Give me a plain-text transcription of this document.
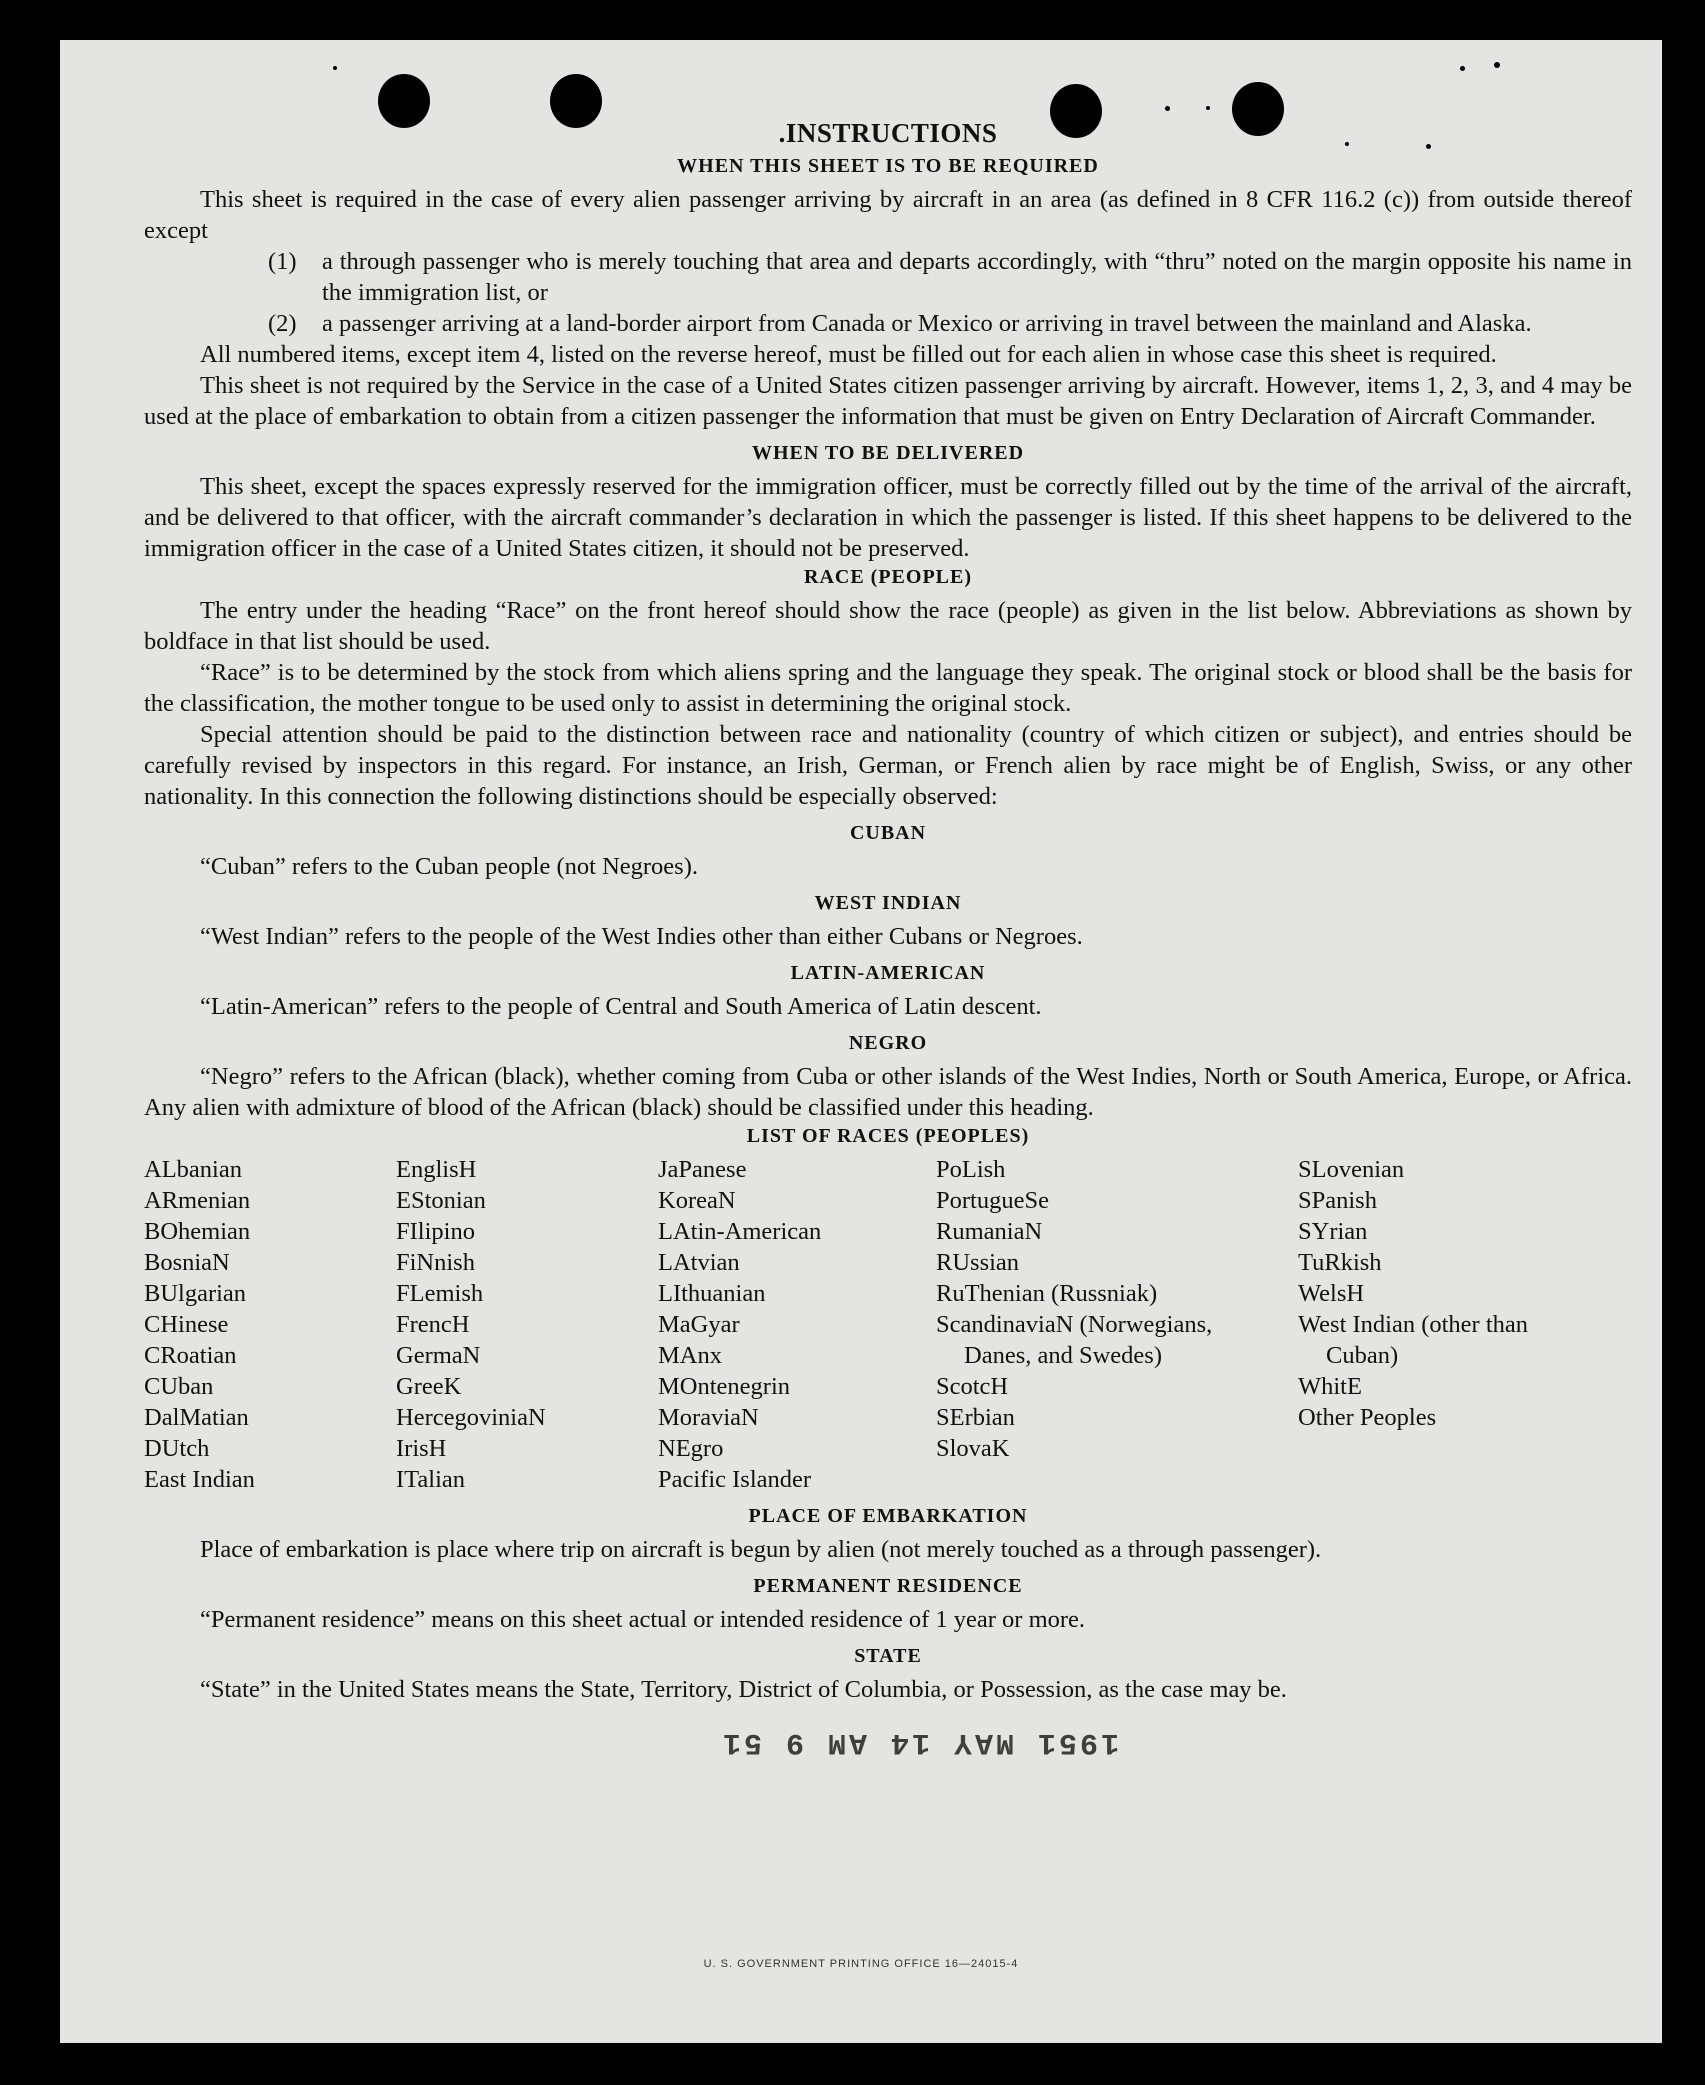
.INSTRUCTIONS
WHEN THIS SHEET IS TO BE REQUIRED

This sheet is required in the case of every alien passenger arriving by aircraft in an area (as defined in 8 CFR 116.2 (c)) from outside thereof except

(1)	a through passenger who is merely touching that area and departs accordingly, with “thru” noted on the margin opposite his name in the immigration list, or
(2)	a passenger arriving at a land-border airport from Canada or Mexico or arriving in travel between the mainland and Alaska.

All numbered items, except item 4, listed on the reverse hereof, must be filled out for each alien in whose case this sheet is required.

This sheet is not required by the Service in the case of a United States citizen passenger arriving by aircraft. However, items 1, 2, 3, and 4 may be used at the place of embarkation to obtain from a citizen passenger the information that must be given on Entry Declaration of Aircraft Commander.

WHEN TO BE DELIVERED

This sheet, except the spaces expressly reserved for the immigration officer, must be correctly filled out by the time of the arrival of the aircraft, and be delivered to that officer, with the aircraft commander’s declaration in which the passenger is listed. If this sheet happens to be delivered to the immigration officer in the case of a United States citizen, it should not be preserved.

RACE (PEOPLE)

The entry under the heading “Race” on the front hereof should show the race (people) as given in the list below. Abbreviations as shown by boldface in that list should be used.

“Race” is to be determined by the stock from which aliens spring and the language they speak. The original stock or blood shall be the basis for the classification, the mother tongue to be used only to assist in determining the original stock.

Special attention should be paid to the distinction between race and nationality (country of which citizen or subject), and entries should be carefully revised by inspectors in this regard. For instance, an Irish, German, or French alien by race might be of English, Swiss, or any other nationality. In this connection the following distinctions should be especially observed:

CUBAN

“Cuban” refers to the Cuban people (not Negroes).

WEST INDIAN

“West Indian” refers to the people of the West Indies other than either Cubans or Negroes.

LATIN-AMERICAN

“Latin-American” refers to the people of Central and South America of Latin descent.

NEGRO

“Negro” refers to the African (black), whether coming from Cuba or other islands of the West Indies, North or South America, Europe, or Africa. Any alien with admixture of blood of the African (black) should be classified under this heading.

LIST OF RACES (PEOPLES)
ALbanian
ARmenian
BOhemian
BosniaN
BUlgarian
CHinese
CRoatian
CUban
DalMatian
DUtch
East Indian
EnglisH
EStonian
FIlipino
FiNnish
FLemish
FrencH
GermaN
GreeK
HercegoviniaN
IrisH
ITalian
JaPanese
KoreaN
LAtin-American
LAtvian
LIthuanian
MaGyar
MAnx
MOntenegrin
MoraviaN
NEgro
Pacific Islander
PoLish
PortugueSe
RumaniaN
RUssian
RuThenian (Russniak)
ScandinaviaN (Norwegians, Danes, and Swedes)
ScotcH
SErbian
SlovaK
SLovenian
SPanish
SYrian
TuRkish
WelsH
West Indian (other than Cuban)
WhitE
Other Peoples
PLACE OF EMBARKATION

Place of embarkation is place where trip on aircraft is begun by alien (not merely touched as a through passenger).

PERMANENT RESIDENCE

“Permanent residence” means on this sheet actual or intended residence of 1 year or more.

STATE

“State” in the United States means the State, Territory, District of Columbia, or Possession, as the case may be.

1951 MAY 14 AM 9 51
U. S. GOVERNMENT PRINTING OFFICE 16—24015-4
